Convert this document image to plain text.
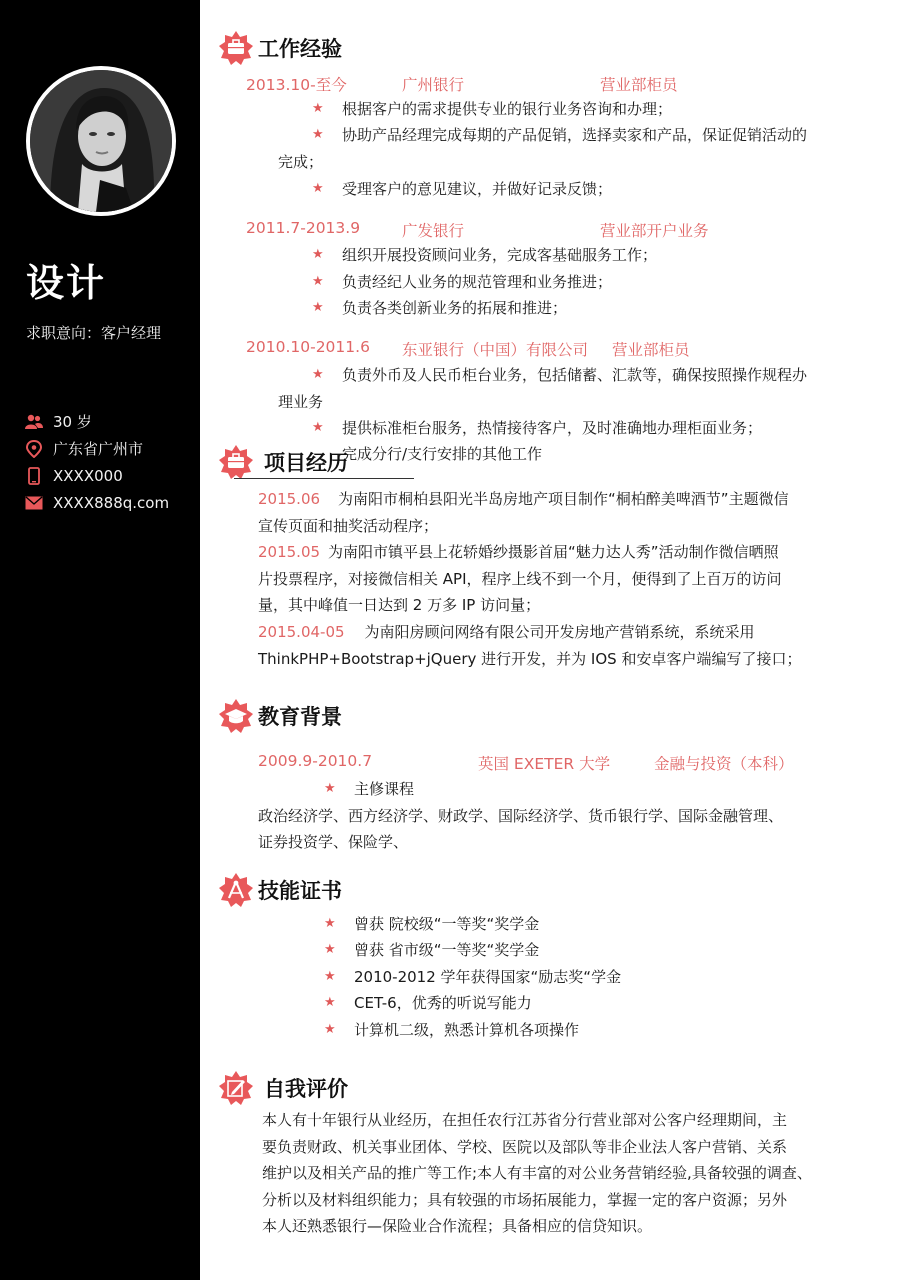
设计
求职意向：客户经理
30 岁
广东省广州市
XXXX000
XXXX888q.com
工作经验
2013.10-至今	广州银行	营业部柜员
★ 根据客户的需求提供专业的银行业务咨询和办理；
★ 协助产品经理完成每期的产品促销，选择卖家和产品，保证促销活动的
完成；
★ 受理客户的意见建议，并做好记录反馈；
2011.7-2013.9	广发银行	营业部开户业务
★ 组织开展投资顾问业务，完成客基础服务工作；
★ 负责经纪人业务的规范管理和业务推进；
★ 负责各类创新业务的拓展和推进；
2010.10-2011.6 东亚银行（中国）有限公司 营业部柜员
★ 负责外币及人民币柜台业务，包括储蓄、汇款等，确保按照操作规程办
理业务
★ 提供标准柜台服务，热情接待客户，及时准确地办理柜面业务；
完成分行/支行安排的其他工作
项目经历
2015.06 为南阳市桐柏县阳光半岛房地产项目制作“桐柏醉美啤酒节”主题微信
宣传页面和抽奖活动程序；
2015.05 为南阳市镇平县上花轿婚纱摄影首届“魅力达人秀”活动制作微信晒照
片投票程序，对接微信相关 API，程序上线不到一个月，便得到了上百万的访问
量，其中峰值一日达到 2 万多 IP 访问量；
2015.04-05 为南阳房顾问网络有限公司开发房地产营销系统，系统采用
ThinkPHP+Bootstrap+jQuery 进行开发，并为 IOS 和安卓客户端编写了接口；
教育背景
2009.9-2010.7	英国 EXETER 大学	金融与投资（本科）
★ 主修课程
政治经济学、西方经济学、财政学、国际经济学、货币银行学、国际金融管理、
证券投资学、保险学、
技能证书
★ 曾获 院校级“一等奖“奖学金
★ 曾获 省市级“一等奖“奖学金
★ 2010-2012 学年获得国家“励志奖“学金
★ CET-6，优秀的听说写能力
★ 计算机二级，熟悉计算机各项操作
自我评价
本人有十年银行从业经历，在担任农行江苏省分行营业部对公客户经理期间，主
要负责财政、机关事业团体、学校、医院以及部队等非企业法人客户营销、关系
维护以及相关产品的推广等工作;本人有丰富的对公业务营销经验,具备较强的调查、
分析以及材料组织能力；具有较强的市场拓展能力，掌握一定的客户资源；另外
本人还熟悉银行—保险业合作流程；具备相应的信贷知识。
